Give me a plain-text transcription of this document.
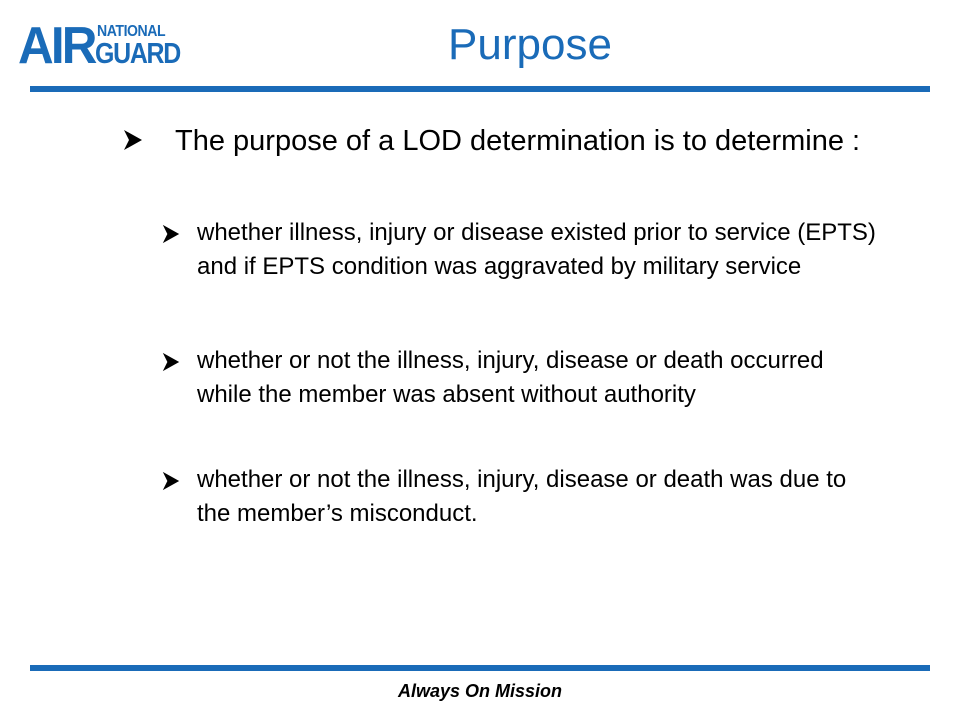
AIR NATIONAL
GUARD	Purpose
The purpose of a LOD determination is to determine :
whether illness, injury or disease existed prior to service (EPTS) and if EPTS condition was aggravated by military service
whether or not the illness, injury, disease or death occurred while the member was absent without authority
whether or not the illness, injury, disease or death was due to the member’s misconduct.
Always On Mission
